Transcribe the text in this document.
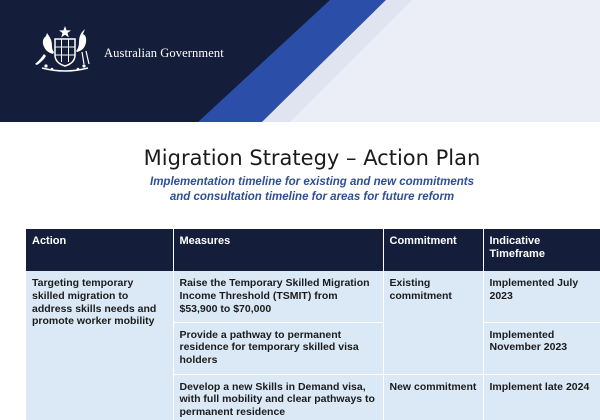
Australian Government
Migration Strategy – Action Plan
Implementation timeline for existing and new commitments
and consultation timeline for areas for future reform
Action	Measures	Commitment	Indicative Timeframe
Targeting temporary skilled migration to address skills needs and promote worker mobility	Raise the Temporary Skilled Migration Income Threshold (TSMIT) from $53,900 to $70,000	Existing commitment	Implemented July 2023
	Provide a pathway to permanent residence for temporary skilled visa holders		Implemented November 2023
	Develop a new Skills in Demand visa, with full mobility and clear pathways to permanent residence	New commitment	Implement late 2024
